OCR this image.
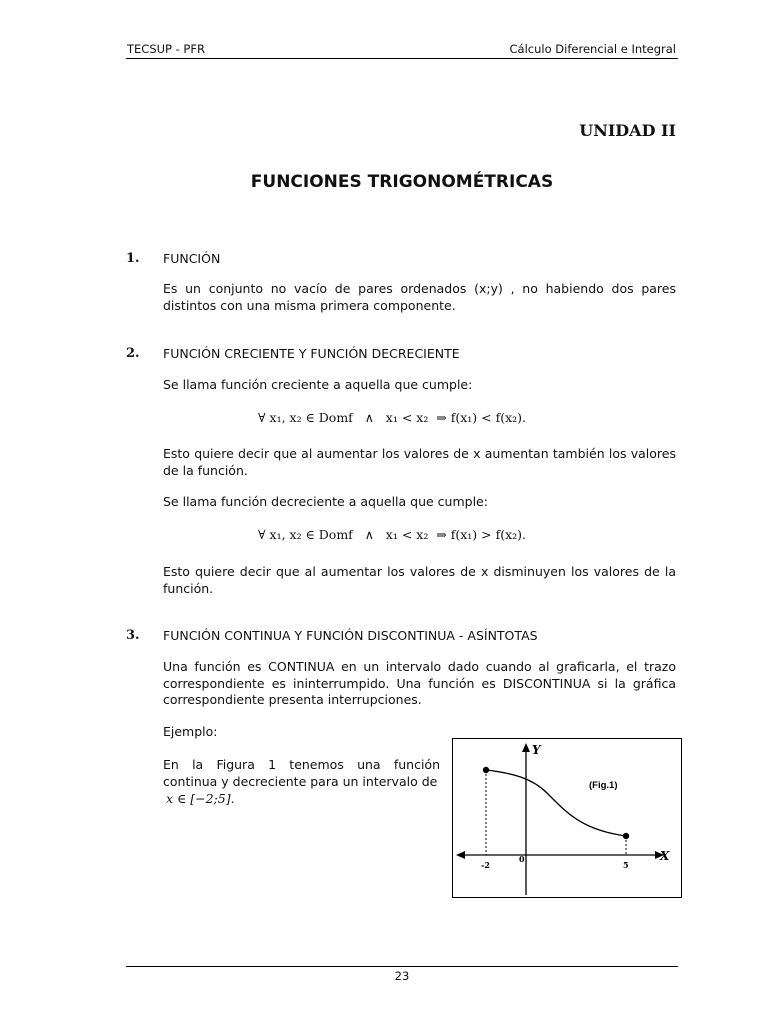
TECSUP - PFR	Cálculo Diferencial e Integral
UNIDAD II
FUNCIONES TRIGONOMÉTRICAS
1. FUNCIÓN
Es un conjunto no vacío de pares ordenados (x;y) , no habiendo dos pares distintos con una misma primera componente.
2. FUNCIÓN CRECIENTE Y FUNCIÓN DECRECIENTE
Se llama función creciente a aquella que cumple:
∀ x₁, x₂ ∈ Domf   ∧   x₁ < x₂  ⇒ f(x₁) < f(x₂).
Esto quiere decir que al aumentar los valores de x aumentan también los valores de la función.
Se llama función decreciente a aquella que cumple:
∀ x₁, x₂ ∈ Domf   ∧   x₁ < x₂  ⇒ f(x₁) > f(x₂).
Esto quiere decir que al aumentar los valores de x disminuyen los valores de la función.
3. FUNCIÓN CONTINUA Y FUNCIÓN DISCONTINUA - ASÍNTOTAS
Una función es CONTINUA en un intervalo dado cuando al graficarla, el trazo correspondiente es ininterrumpido. Una función es DISCONTINUA si la gráfica correspondiente presenta interrupciones.
Ejemplo:
En la Figura 1 tenemos una función continua y decreciente para un intervalo de
x ∈ [−2;5].
Y
X
(Fig.1)
-2
0
5
23
